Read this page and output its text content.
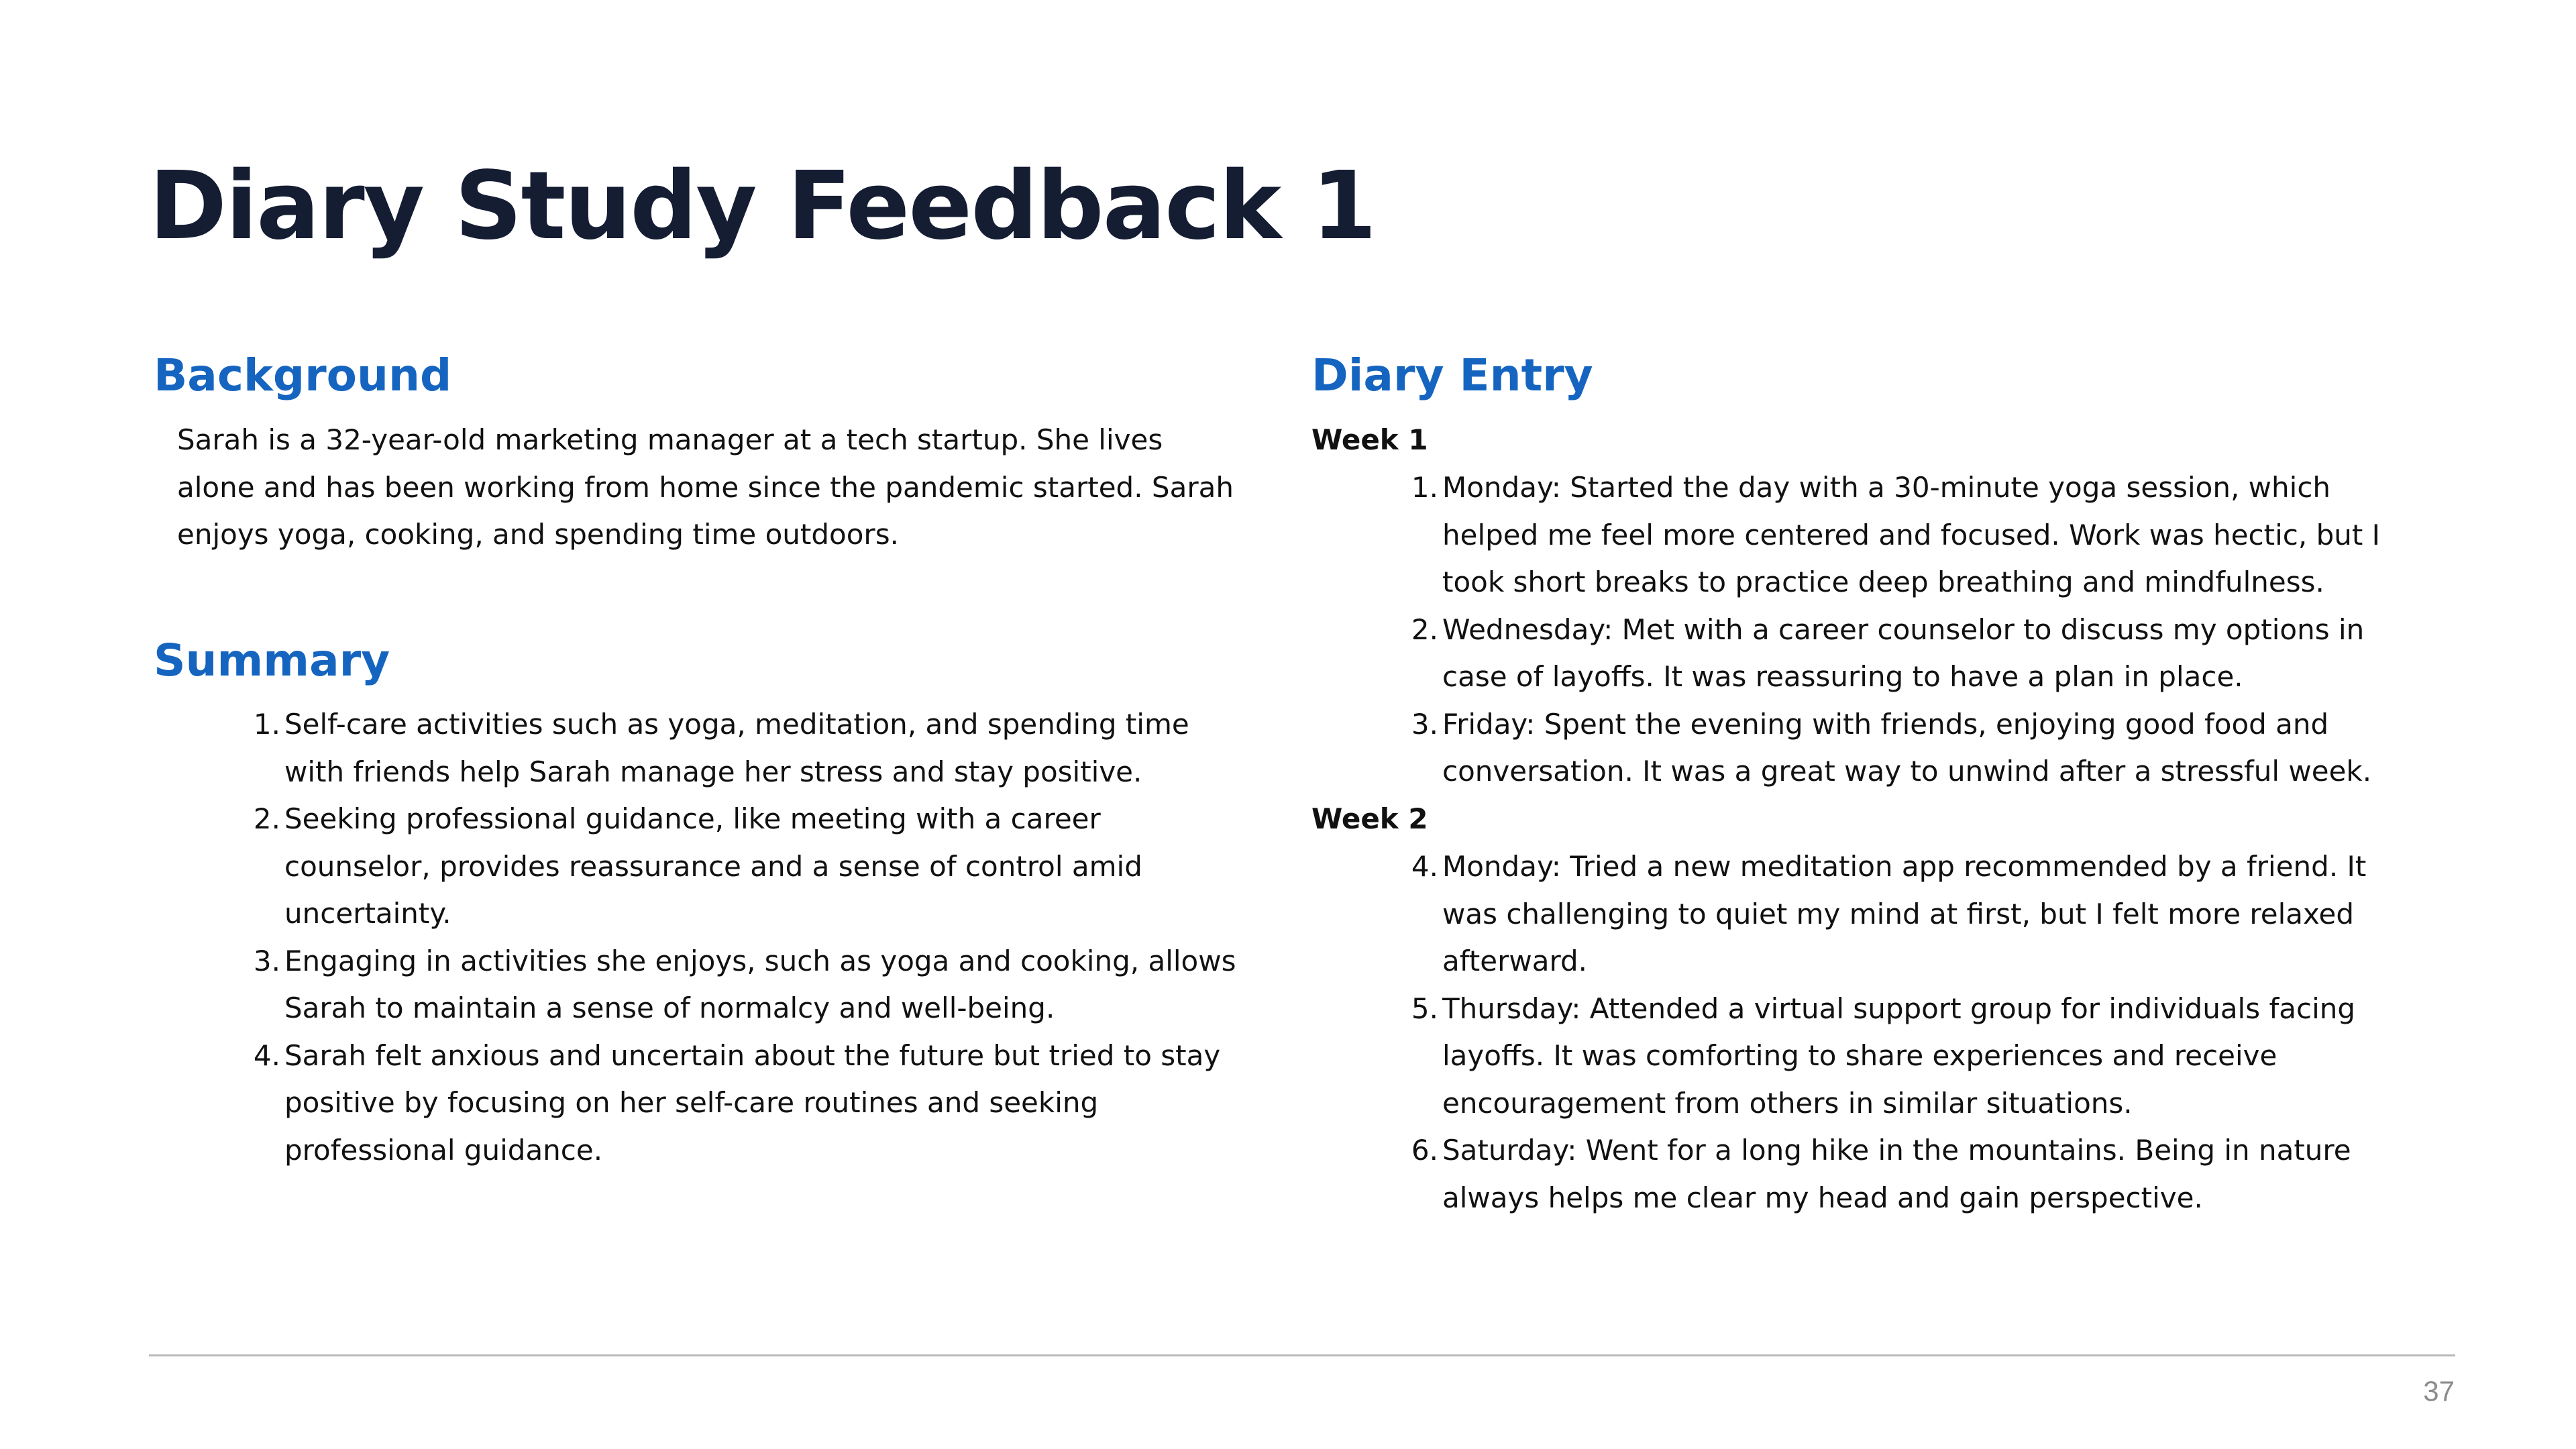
Diary Study Feedback 1
Background
Sarah is a 32-year-old marketing manager at a tech startup. She lives
alone and has been working from home since the pandemic started. Sarah
enjoys yoga, cooking, and spending time outdoors.
Summary
1. Self-care activities such as yoga, meditation, and spending time
with friends help Sarah manage her stress and stay positive.
2. Seeking professional guidance, like meeting with a career
counselor, provides reassurance and a sense of control amid
uncertainty.
3. Engaging in activities she enjoys, such as yoga and cooking, allows
Sarah to maintain a sense of normalcy and well-being.
4. Sarah felt anxious and uncertain about the future but tried to stay
positive by focusing on her self-care routines and seeking
professional guidance.
Diary Entry
Week 1
1. Monday: Started the day with a 30-minute yoga session, which
helped me feel more centered and focused. Work was hectic, but I
took short breaks to practice deep breathing and mindfulness.
2. Wednesday: Met with a career counselor to discuss my options in
case of layoffs. It was reassuring to have a plan in place.
3. Friday: Spent the evening with friends, enjoying good food and
conversation. It was a great way to unwind after a stressful week.
Week 2
4. Monday: Tried a new meditation app recommended by a friend. It
was challenging to quiet my mind at first, but I felt more relaxed
afterward.
5. Thursday: Attended a virtual support group for individuals facing
layoffs. It was comforting to share experiences and receive
encouragement from others in similar situations.
6. Saturday: Went for a long hike in the mountains. Being in nature
always helps me clear my head and gain perspective.
37
